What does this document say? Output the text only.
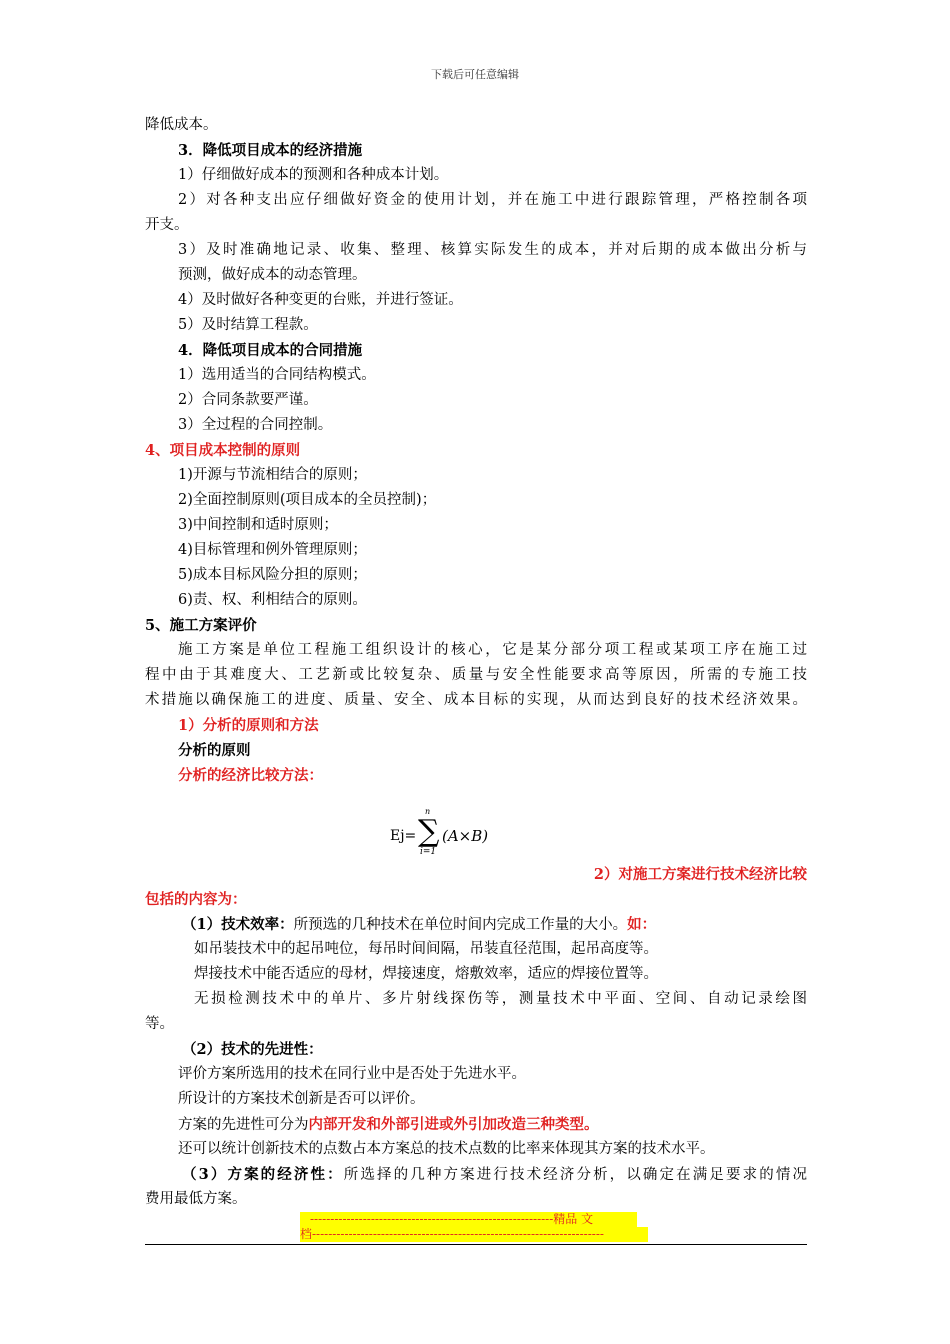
下载后可任意编辑
降低成本。
3．降低项目成本的经济措施
1）仔细做好成本的预测和各种成本计划。
2）对各种支出应仔细做好资金的使用计划，并在施工中进行跟踪管理，严格控制各项
开支。
3）及时准确地记录、收集、整理、核算实际发生的成本，并对后期的成本做出分析与
预测，做好成本的动态管理。
4）及时做好各种变更的台账，并进行签证。
5）及时结算工程款。
4．降低项目成本的合同措施
1）选用适当的合同结构模式。
2）合同条款要严谨。
3）全过程的合同控制。
4、项目成本控制的原则
1)开源与节流相结合的原则；
2)全面控制原则(项目成本的全员控制)；
3)中间控制和适时原则；
4)目标管理和例外管理原则；
5)成本目标风险分担的原则；
6)责、权、利相结合的原则。
5、施工方案评价
施工方案是单位工程施工组织设计的核心，它是某分部分项工程或某项工序在施工过
程中由于其难度大、工艺新或比较复杂、质量与安全性能要求高等原因，所需的专施工技
术措施以确保施工的进度、质量、安全、成本目标的实现，从而达到良好的技术经济效果。
1）分析的原则和方法
分析的原则
分析的经济比较方法：
Ej=
n
∑
i=1
(A×B)
2）对施工方案进行技术经济比较
包括的内容为：
（1）技术效率：所预选的几种技术在单位时间内完成工作量的大小。如：
如吊装技术中的起吊吨位，每吊时间间隔，吊装直径范围，起吊高度等。
焊接技术中能否适应的母材，焊接速度，熔敷效率，适应的焊接位置等。
无损检测技术中的单片、多片射线探伤等，测量技术中平面、空间、自动记录绘图
等。
（2）技术的先进性：
评价方案所选用的技术在同行业中是否处于先进水平。
所设计的方案技术创新是否可以评价。
方案的先进性可分为内部开发和外部引进或外引加改造三种类型。
还可以统计创新技术的点数占本方案总的技术点数的比率来体现其方案的技术水平。
（3）方案的经济性：所选择的几种方案进行技术经济分析，以确定在满足要求的情况
费用最低方案。
------------------------------------------------------------精品 文
档------------------------------------------------------------------------
